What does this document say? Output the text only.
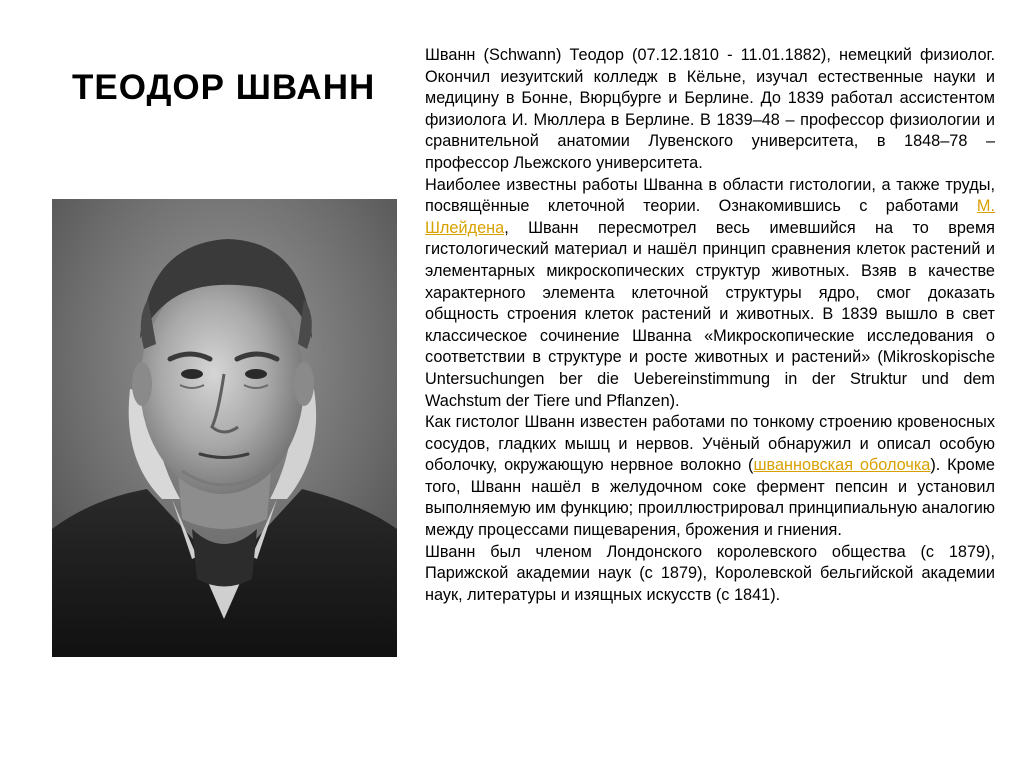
ТЕОДОР ШВАНН

Шванн (Schwann) Теодор (07.12.1810 - 11.01.1882), немецкий физиолог. Окончил иезуитский колледж в Кёльне, изучал естественные науки и медицину в Бонне, Вюрцбурге и Берлине. До 1839 работал ассистентом физиолога И. Мюллера в Берлине. В 1839–48 – профессор физиологии и сравнительной анатомии Лувенского университета, в 1848–78 – профессор Льежского университета.

Наиболее известны работы Шванна в области гистологии, а также труды, посвящённые клеточной теории. Ознакомившись с работами М. Шлейдена, Шванн пересмотрел весь имевшийся на то время гистологический материал и нашёл принцип сравнения клеток растений и элементарных микроскопических структур животных. Взяв в качестве характерного элемента клеточной структуры ядро, смог доказать общность строения клеток растений и животных. В 1839 вышло в свет классическое сочинение Шванна «Микроскопические исследования о соответствии в структуре и росте животных и растений» (Mikroskopische Untersuchungen ber die Uebereinstimmung in der Struktur und dem Wachstum der Tiere und Pflanzen).

Как гистолог Шванн известен работами по тонкому строению кровеносных сосудов, гладких мышц и нервов. Учёный обнаружил и описал особую оболочку, окружающую нервное волокно (шванновская оболочка). Кроме того, Шванн нашёл в желудочном соке фермент пепсин и установил выполняемую им функцию; проиллюстрировал принципиальную аналогию между процессами пищеварения, брожения и гниения.

Шванн был членом Лондонского королевского общества (с 1879), Парижской академии наук (с 1879), Королевской бельгийской академии наук, литературы и изящных искусств (с 1841).
